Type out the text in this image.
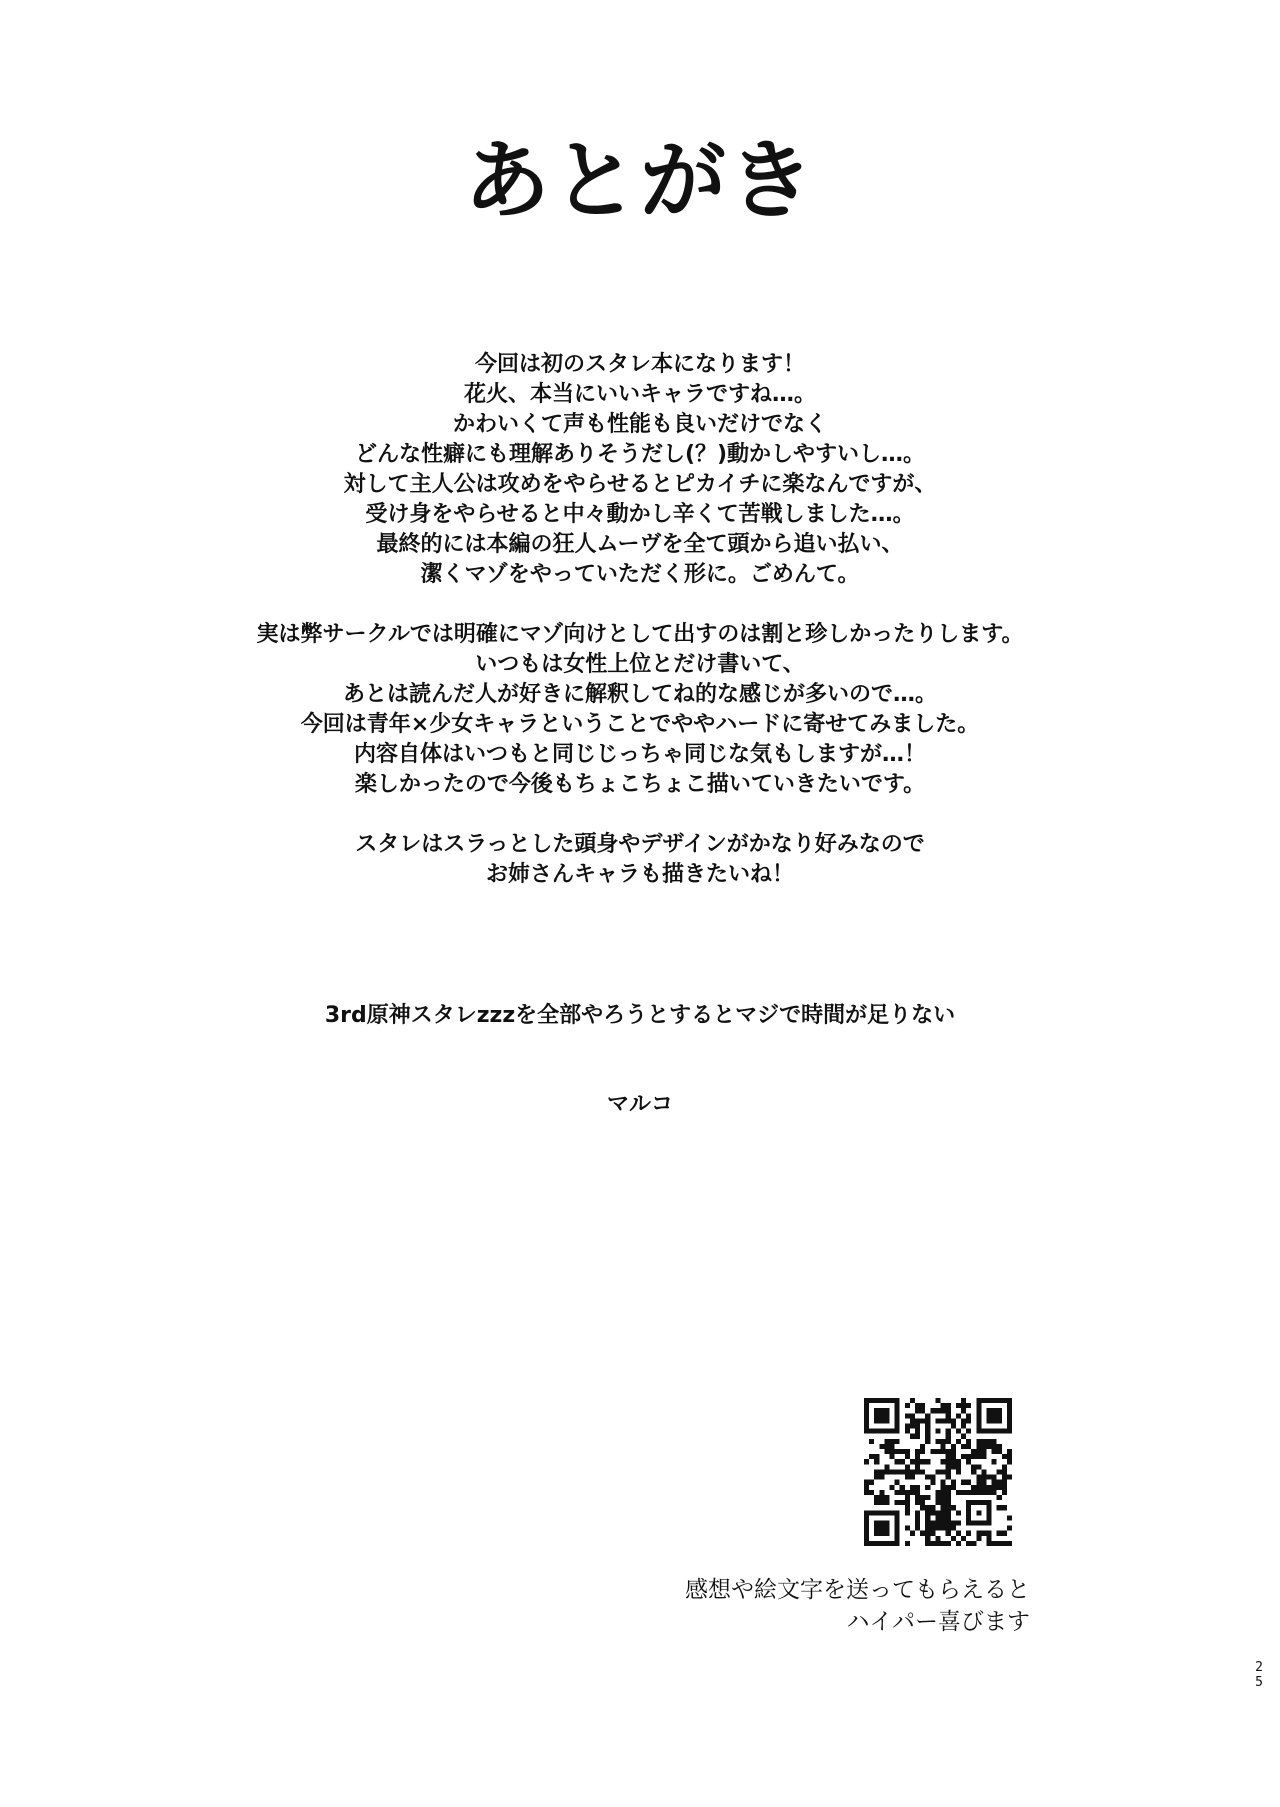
あとがき
今回は初のスタレ本になります！
花火、本当にいいキャラですね…。
かわいくて声も性能も良いだけでなく
どんな性癖にも理解ありそうだし(？)動かしやすいし…。
対して主人公は攻めをやらせるとピカイチに楽なんですが、
受け身をやらせると中々動かし辛くて苦戦しました…。
最終的には本編の狂人ムーヴを全て頭から追い払い、
潔くマゾをやっていただく形に。ごめんて。
実は弊サークルでは明確にマゾ向けとして出すのは割と珍しかったりします。
いつもは女性上位とだけ書いて、
あとは読んだ人が好きに解釈してね的な感じが多いので…。
今回は青年×少女キャラということでややハードに寄せてみました。
内容自体はいつもと同じじっちゃ同じな気もしますが…！
楽しかったので今後もちょこちょこ描いていきたいです。
スタレはスラっとした頭身やデザインがかなり好みなので
お姉さんキャラも描きたいね！
3rd原神スタレzzzを全部やろうとするとマジで時間が足りない
マルコ
感想や絵文字を送ってもらえると
ハイパー喜びます
2
5
